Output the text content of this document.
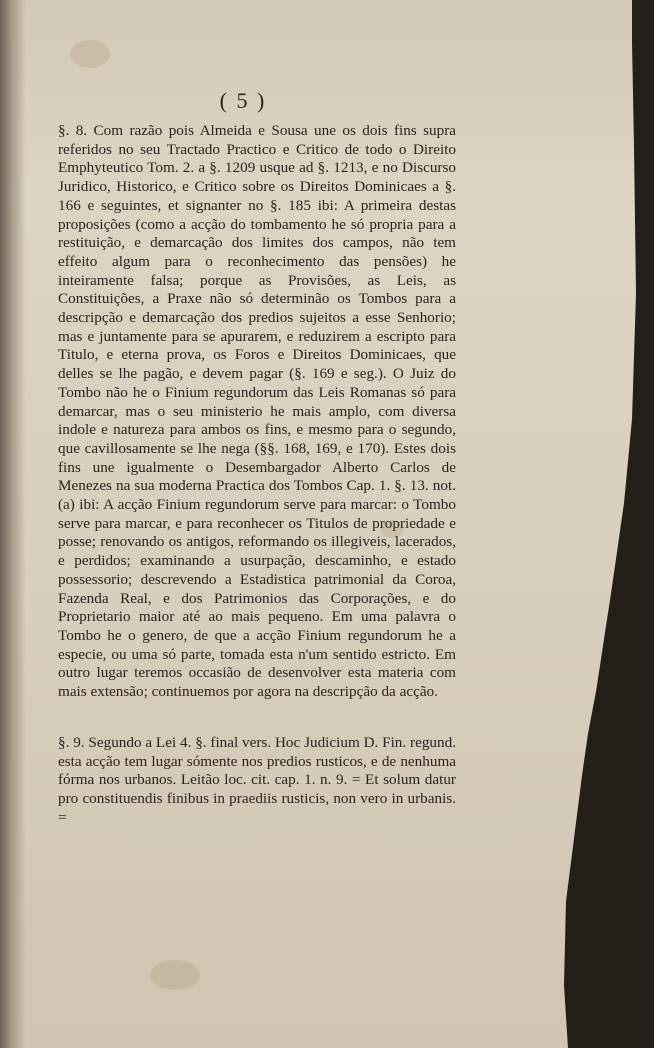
( 5 )

§. 8. Com razão pois Almeida e Sousa une os dois fins supra referidos no seu Tractado Practico e Critico de todo o Direito Emphyteutico Tom. 2. a §. 1209 usque ad §. 1213, e no Discurso Juridico, Historico, e Critico sobre os Direitos Dominicaes a §. 166 e seguintes, et signanter no §. 185 ibi: A primeira destas proposições (como a acção do tombamento he só propria para a restituição, e demarcação dos limites dos campos, não tem effeito algum para o reconhecimento das pensões) he inteiramente falsa; porque as Provisões, as Leis, as Constituições, a Praxe não só determinão os Tombos para a descripção e demarcação dos predios sujeitos a esse Senhorio; mas e juntamente para se apurarem, e reduzirem a escripto para Titulo, e eterna prova, os Foros e Direitos Dominicaes, que delles se lhe pagão, e devem pagar (§. 169 e seg.). O Juiz do Tombo não he o Finium regundorum das Leis Romanas só para demarcar, mas o seu ministerio he mais amplo, com diversa indole e natureza para ambos os fins, e mesmo para o segundo, que cavillosamente se lhe nega (§§. 168, 169, e 170). Estes dois fins une igualmente o Desembargador Alberto Carlos de Menezes na sua moderna Practica dos Tombos Cap. 1. §. 13. not. (a) ibi: A acção Finium regundorum serve para marcar: o Tombo serve para marcar, e para reconhecer os Titulos de propriedade e posse; renovando os antigos, reformando os illegiveis, lacerados, e perdidos; examinando a usurpação, descaminho, e estado possessorio; descrevendo a Estadistica patrimonial da Coroa, Fazenda Real, e dos Patrimonios das Corporações, e do Proprietario maior até ao mais pequeno. Em uma palavra o Tombo he o genero, de que a acção Finium regundorum he a especie, ou uma só parte, tomada esta n'um sentido estricto. Em outro lugar teremos occasião de desenvolver esta materia com mais extensão; continuemos por agora na descripção da acção.

§. 9. Segundo a Lei 4. §. final vers. Hoc Judicium D. Fin. regund. esta acção tem lugar sómente nos predios rusticos, e de nenhuma fórma nos urbanos. Leitão loc. cit. cap. 1. n. 9. = Et solum datur pro constituendis finibus in praediis rusticis, non vero in urbanis. =
